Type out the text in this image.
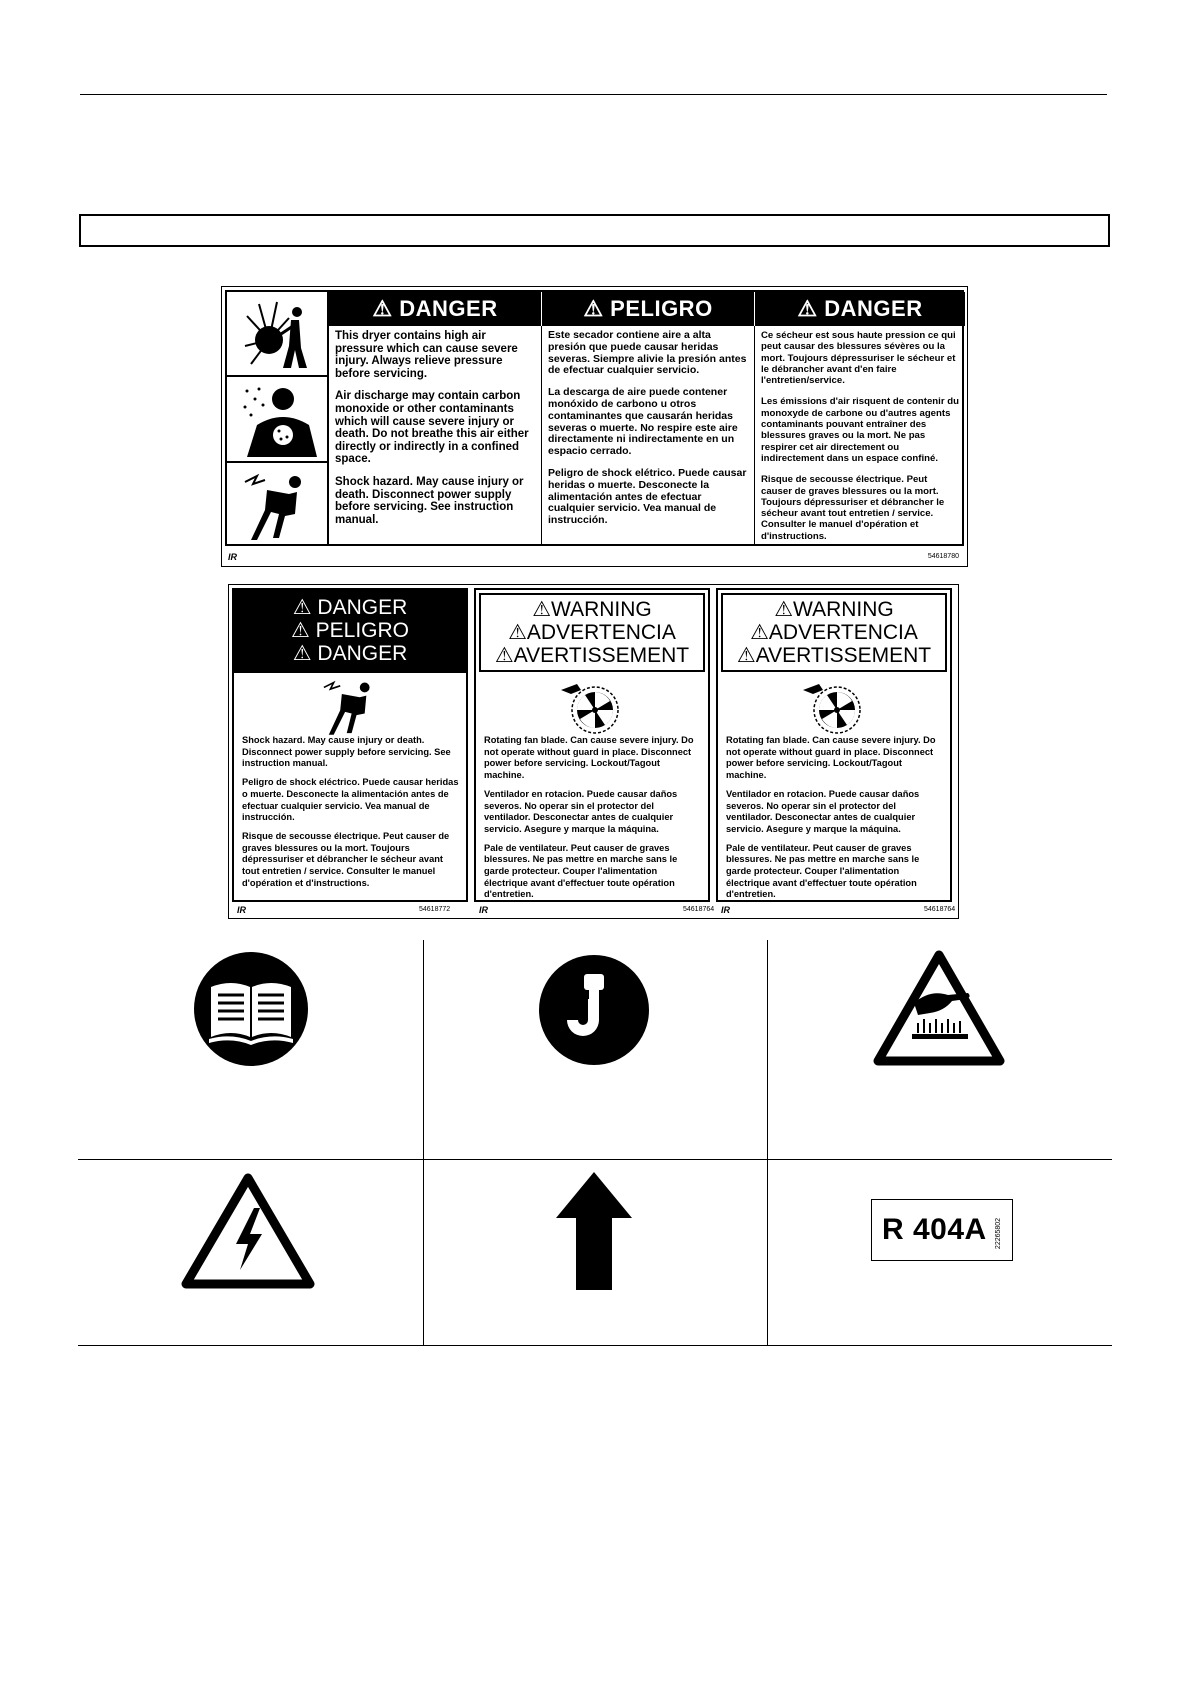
⚠
DANGER

This dryer contains high air pressure which can cause severe injury. Always relieve pressure before servicing.

Air discharge may contain carbon monoxide or other contaminants which will cause severe injury or death. Do not breathe this air either directly or indirectly in a confined space.

Shock hazard. May cause injury or death. Disconnect power supply before servicing. See instruction manual.

⚠
PELIGRO

Este secador contiene aire a alta presión que puede causar heridas severas. Siempre alivie la presión antes de efectuar cualquier servicio.

La descarga de aire puede contener monóxido de carbono u otros contaminantes que causarán heridas severas o muerte. No respire este aire directamente ni indirectamente en un espacio cerrado.

Peligro de shock elétrico. Puede causar heridas o muerte. Desconecte la alimentación antes de efectuar cualquier servicio. Vea manual de instrucción.

⚠
DANGER

Ce sécheur est sous haute pression ce qui peut causar des blessures sévères ou la mort. Toujours dépressuriser le sécheur et le débrancher avant d'en faire l'entretien/service.

Les émissions d'air risquent de contenir du monoxyde de carbone ou d'autres agents contaminants pouvant entraîner des blessures graves ou la mort. Ne pas respirer cet air directement ou indirectement dans un espace confiné.

Risque de secousse électrique. Peut causer de graves blessures ou la mort. Toujours dépressuriser et débrancher le sécheur avant tout entretien / service. Consulter le manuel d'opération et d'instructions.

IR	54618780
⚠ DANGER
⚠ PELIGRO
⚠ DANGER

Shock hazard. May cause injury or death. Disconnect power supply before servicing. See instruction manual.

Peligro de shock eléctrico. Puede causar heridas o muerte. Desconecte la alimentación antes de efectuar cualquier servicio. Vea manual de instrucción.

Risque de secousse électrique. Peut causer de graves blessures ou la mort. Toujours dépressuriser et débrancher le sécheur avant tout entretien / service. Consulter le manuel d'opération et d'instructions.

IR	54618772
⚠WARNING
⚠ADVERTENCIA
⚠AVERTISSEMENT

Rotating fan blade. Can cause severe injury. Do not operate without guard in place. Disconnect power before servicing. Lockout/Tagout machine.

Ventilador en rotacion. Puede causar daños severos. No operar sin el protector del ventilador. Desconectar antes de cualquier servicio. Asegure y marque la máquina.

Pale de ventilateur. Peut causer de graves blessures. Ne pas mettre en marche sans le garde protecteur. Couper l'alimentation électrique avant d'effectuer toute opération d'entretien.

IR	54618764
⚠WARNING
⚠ADVERTENCIA
⚠AVERTISSEMENT

Rotating fan blade. Can cause severe injury. Do not operate without guard in place. Disconnect power before servicing. Lockout/Tagout machine.

Ventilador en rotacion. Puede causar daños severos. No operar sin el protector del ventilador. Desconectar antes de cualquier servicio. Asegure y marque la máquina.

Pale de ventilateur. Peut causer de graves blessures. Ne pas mettre en marche sans le garde protecteur. Couper l'alimentation électrique avant d'effectuer toute opération d'entretien.

IR	54618764
R 404A 22265802
